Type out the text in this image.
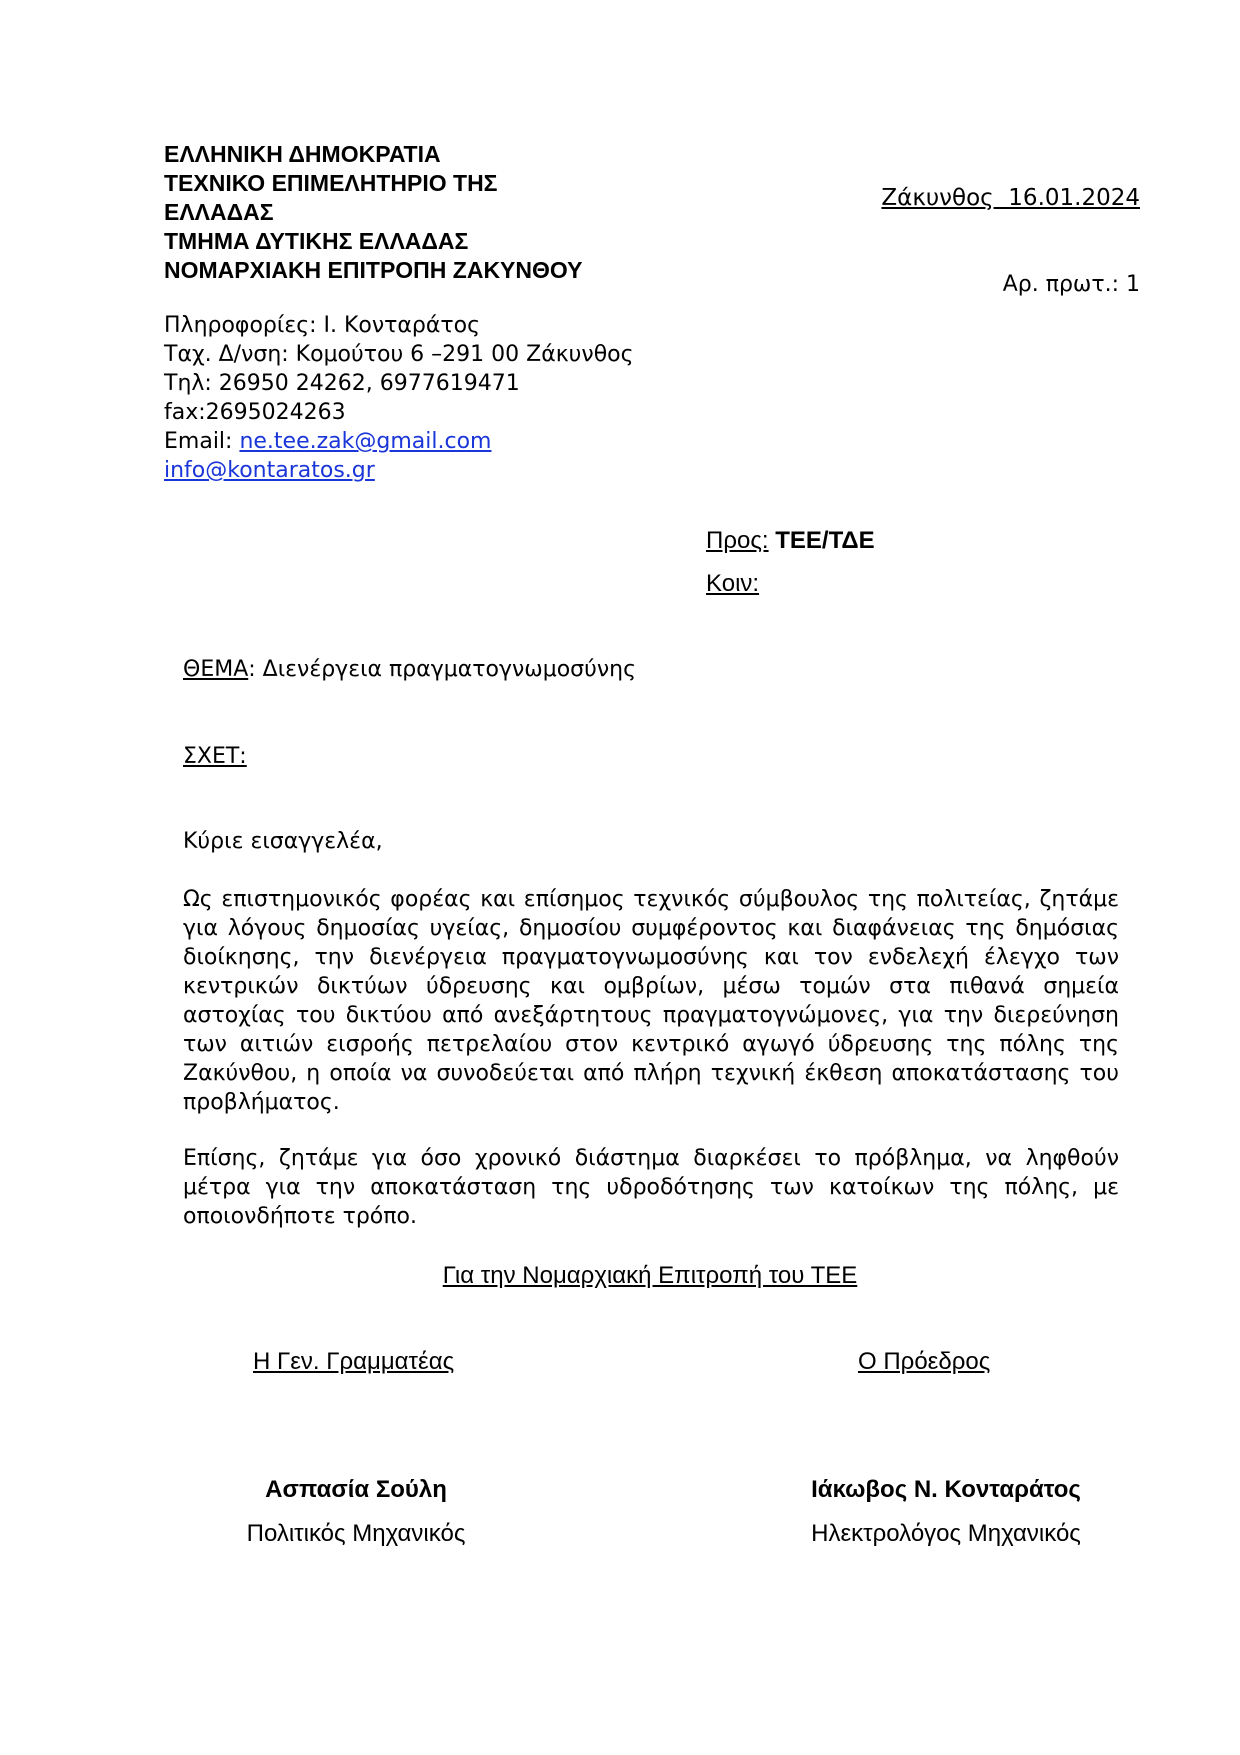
ΕΛΛΗΝΙΚΗ ΔΗΜΟΚΡΑΤΙΑ
ΤΕΧΝΙΚΟ ΕΠΙΜΕΛΗΤΗΡΙΟ ΤΗΣ
ΕΛΛΑΔΑΣ
ΤΜΗΜΑ ΔΥΤΙΚΗΣ ΕΛΛΑΔΑΣ
ΝΟΜΑΡΧΙΑΚΗ ΕΠΙΤΡΟΠΗ ΖΑΚΥΝΘΟΥ
Ζάκυνθος  16.01.2024
Αρ. πρωτ.: 1
Πληροφορίες: Ι. Κονταράτος
Ταχ. Δ/νση: Κομούτου 6 –291 00 Ζάκυνθος
Τηλ: 26950 24262, 6977619471
fax:2695024263
Email: ne.tee.zak@gmail.com
info@kontaratos.gr
Προς: ΤΕΕ/ΤΔΕ
Κοιν:
ΘΕΜΑ: Διενέργεια πραγματογνωμοσύνης
ΣΧΕΤ:
Κύριε εισαγγελέα,
Ως επιστημονικός φορέας και επίσημος τεχνικός σύμβουλος της πολιτείας, ζητάμε για λόγους δημοσίας υγείας, δημοσίου συμφέροντος και διαφάνειας της δημόσιας διοίκησης, την διενέργεια πραγματογνωμοσύνης και τον ενδελεχή έλεγχο των κεντρικών δικτύων ύδρευσης και ομβρίων, μέσω τομών στα πιθανά σημεία αστοχίας του δικτύου από ανεξάρτητους πραγματογνώμονες, για την διερεύνηση των αιτιών εισροής πετρελαίου στον κεντρικό αγωγό ύδρευσης της πόλης της Ζακύνθου, η οποία να συνοδεύεται από πλήρη τεχνική έκθεση αποκατάστασης του προβλήματος.
Επίσης, ζητάμε για όσο χρονικό διάστημα διαρκέσει το πρόβλημα, να ληφθούν μέτρα για την αποκατάσταση της υδροδότησης των κατοίκων της πόλης, με οποιονδήποτε τρόπο.
Για την Νομαρχιακή Επιτροπή του ΤΕΕ
Η Γεν. Γραμματέας	Ο Πρόεδρος
Ασπασία Σούλη	Ιάκωβος Ν. Κονταράτος
Πολιτικός Μηχανικός	Ηλεκτρολόγος Μηχανικός
